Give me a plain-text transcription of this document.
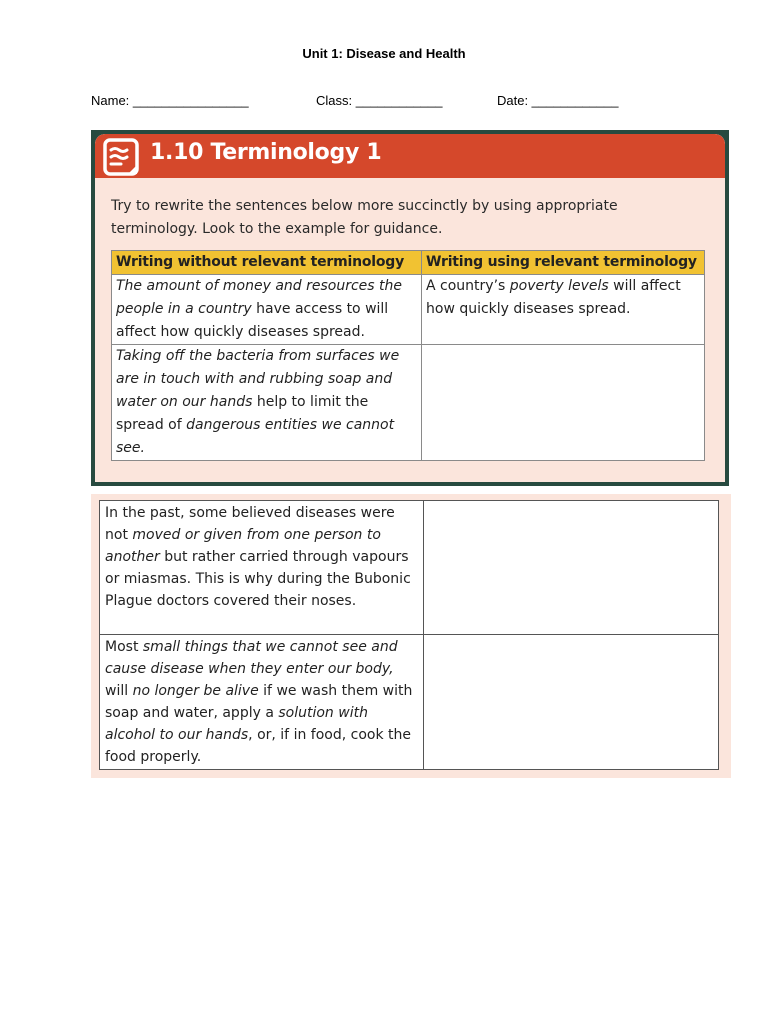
Unit 1: Disease and Health
Name: ________________	Class: ____________	Date: ____________
1.10 Terminology 1
Try to rewrite the sentences below more succinctly by using appropriate terminology. Look to the example for guidance.
Writing without relevant terminology	Writing using relevant terminology
The amount of money and resources the people in a country have access to will affect how quickly diseases spread.	A country’s poverty levels will affect how quickly diseases spread.
Taking off the bacteria from surfaces we are in touch with and rubbing soap and water on our hands help to limit the spread of dangerous entities we cannot see.	
In the past, some believed diseases were not moved or given from one person to another but rather carried through vapours or miasmas. This is why during the Bubonic Plague doctors covered their noses.	
Most small things that we cannot see and cause disease when they enter our body, will no longer be alive if we wash them with soap and water, apply a solution with alcohol to our hands, or, if in food, cook the food properly.	
